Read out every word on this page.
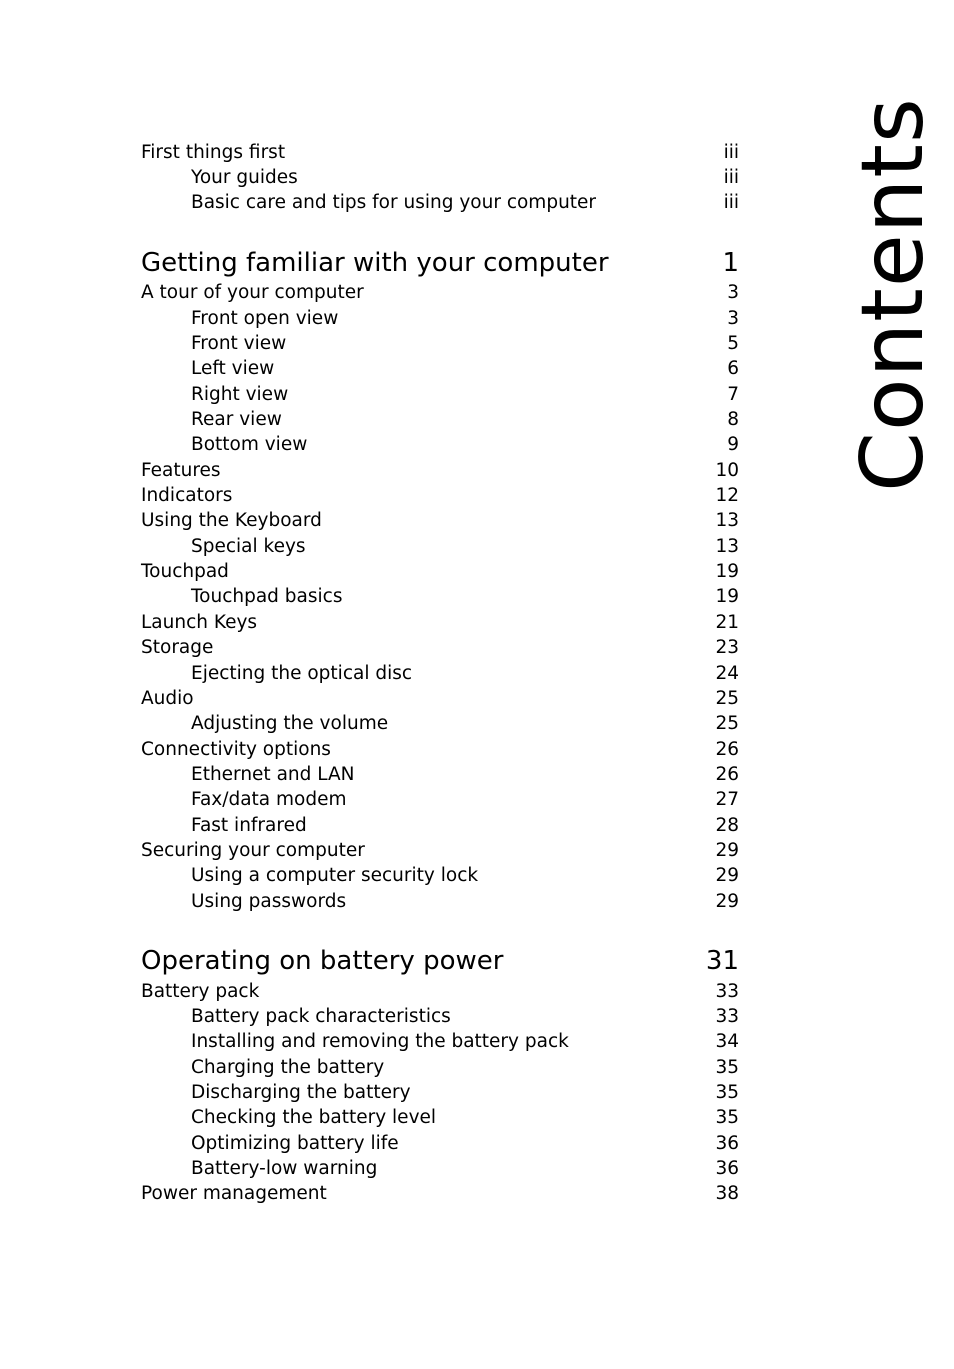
Contents
First things first	iii
Your guides	iii
Basic care and tips for using your computer	iii
Getting familiar with your computer	1
A tour of your computer	3
Front open view	3
Front view	5
Left view	6
Right view	7
Rear view	8
Bottom view	9
Features	10
Indicators	12
Using the Keyboard	13
Special keys	13
Touchpad	19
Touchpad basics	19
Launch Keys	21
Storage	23
Ejecting the optical disc	24
Audio	25
Adjusting the volume	25
Connectivity options	26
Ethernet and LAN	26
Fax/data modem	27
Fast infrared	28
Securing your computer	29
Using a computer security lock	29
Using passwords	29
Operating on battery power	31
Battery pack	33
Battery pack characteristics	33
Installing and removing the battery pack	34
Charging the battery	35
Discharging the battery	35
Checking the battery level	35
Optimizing battery life	36
Battery-low warning	36
Power management	38
